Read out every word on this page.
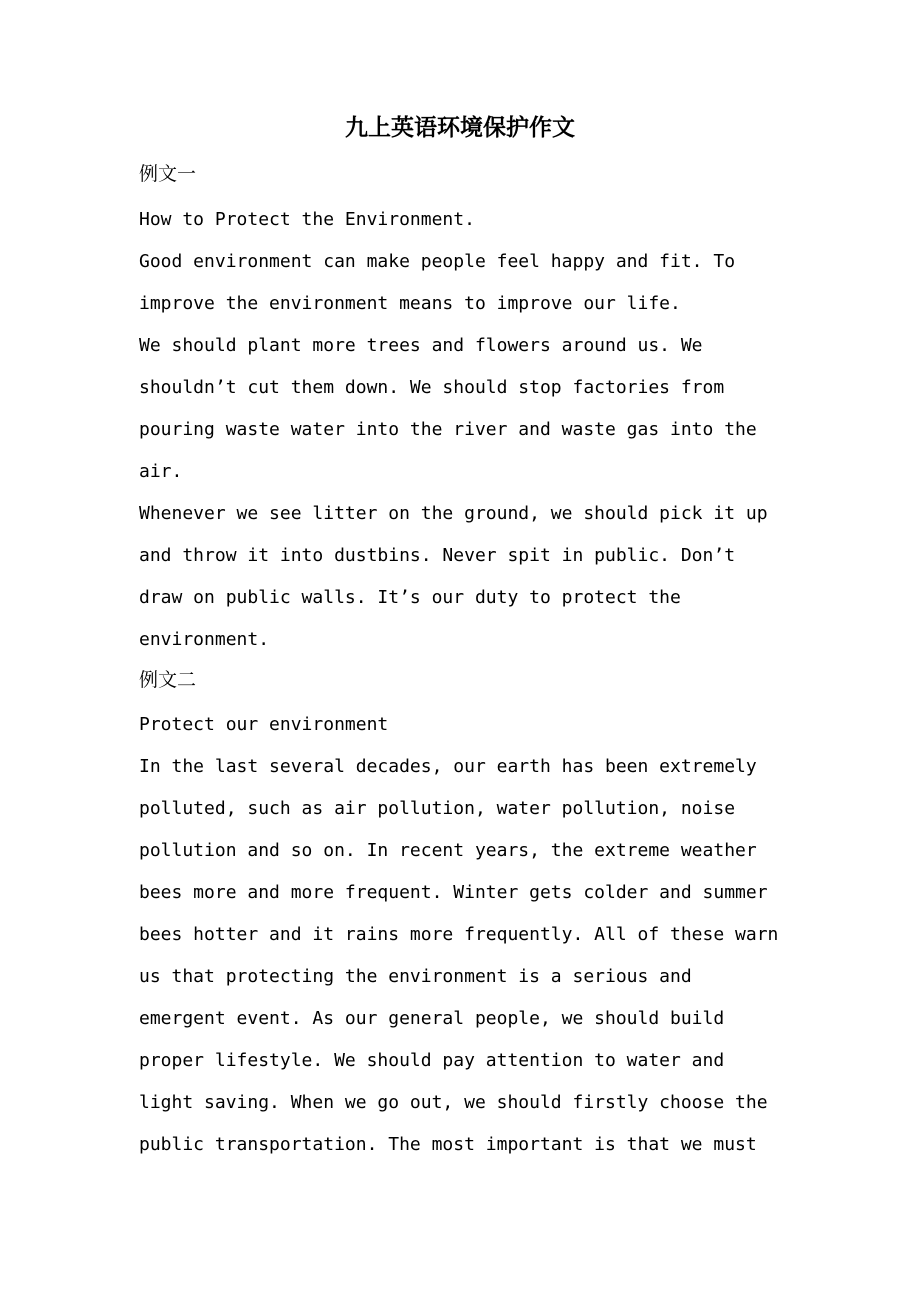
九上英语环境保护作文
例文一
How to Protect the Environment.
Good environment can make people feel happy and fit. To
improve the environment means to improve our life.
We should plant more trees and flowers around us. We
shouldn’t cut them down. We should stop factories from
pouring waste water into the river and waste gas into the
air.
Whenever we see litter on the ground, we should pick it up
and throw it into dustbins. Never spit in public. Don’t
draw on public walls. It’s our duty to protect the
environment.
例文二
Protect our environment
In the last several decades, our earth has been extremely
polluted, such as air pollution, water pollution, noise
pollution and so on. In recent years, the extreme weather
bees more and more frequent. Winter gets colder and summer
bees hotter and it rains more frequently. All of these warn
us that protecting the environment is a serious and
emergent event. As our general people, we should build
proper lifestyle. We should pay attention to water and
light saving. When we go out, we should firstly choose the
public transportation. The most important is that we must
